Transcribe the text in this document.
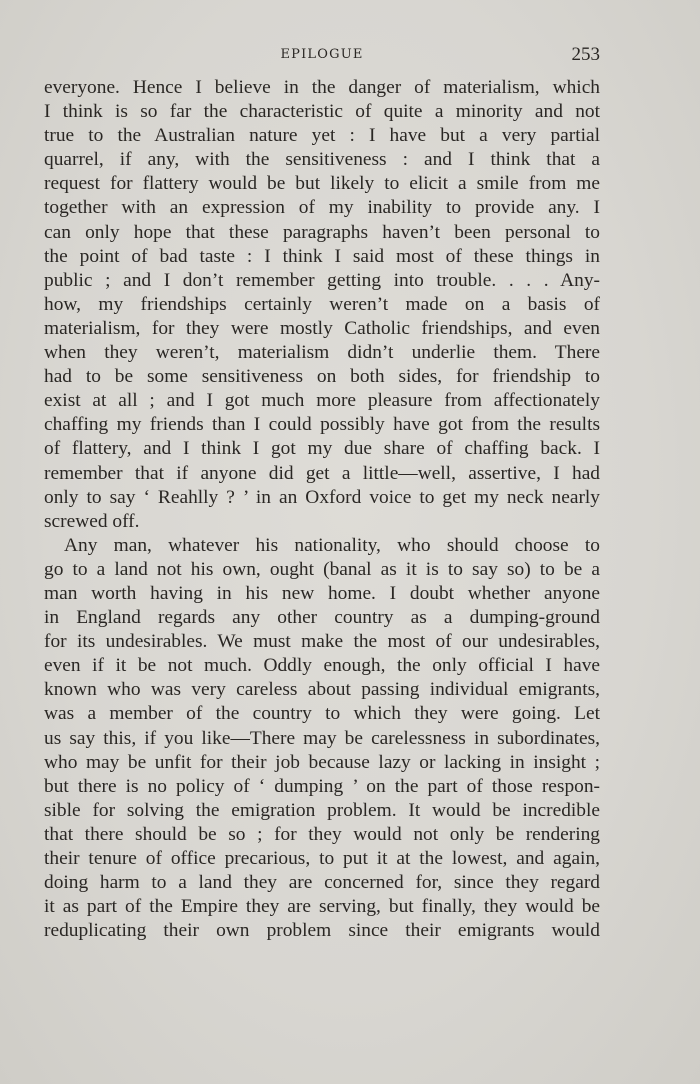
EPILOGUE	253
everyone. Hence I believe in the danger of materialism, which
I think is so far the characteristic of quite a minority and not
true to the Australian nature yet : I have but a very partial
quarrel, if any, with the sensitiveness : and I think that a
request for flattery would be but likely to elicit a smile from me
together with an expression of my inability to provide any. I
can only hope that these paragraphs haven’t been personal to
the point of bad taste : I think I said most of these things in
public ; and I don’t remember getting into trouble. . . . Any-
how, my friendships certainly weren’t made on a basis of
materialism, for they were mostly Catholic friendships, and even
when they weren’t, materialism didn’t underlie them. There
had to be some sensitiveness on both sides, for friendship to
exist at all ; and I got much more pleasure from affectionately
chaffing my friends than I could possibly have got from the results
of flattery, and I think I got my due share of chaffing back. I
remember that if anyone did get a little—well, assertive, I had
only to say ‘ Reahlly ? ’ in an Oxford voice to get my neck nearly
screwed off.
Any man, whatever his nationality, who should choose to
go to a land not his own, ought (banal as it is to say so) to be a
man worth having in his new home. I doubt whether anyone
in England regards any other country as a dumping-ground
for its undesirables. We must make the most of our undesirables,
even if it be not much. Oddly enough, the only official I have
known who was very careless about passing individual emigrants,
was a member of the country to which they were going. Let
us say this, if you like—There may be carelessness in subordinates,
who may be unfit for their job because lazy or lacking in insight ;
but there is no policy of ‘ dumping ’ on the part of those respon-
sible for solving the emigration problem. It would be incredible
that there should be so ; for they would not only be rendering
their tenure of office precarious, to put it at the lowest, and again,
doing harm to a land they are concerned for, since they regard
it as part of the Empire they are serving, but finally, they would be
reduplicating their own problem since their emigrants would
